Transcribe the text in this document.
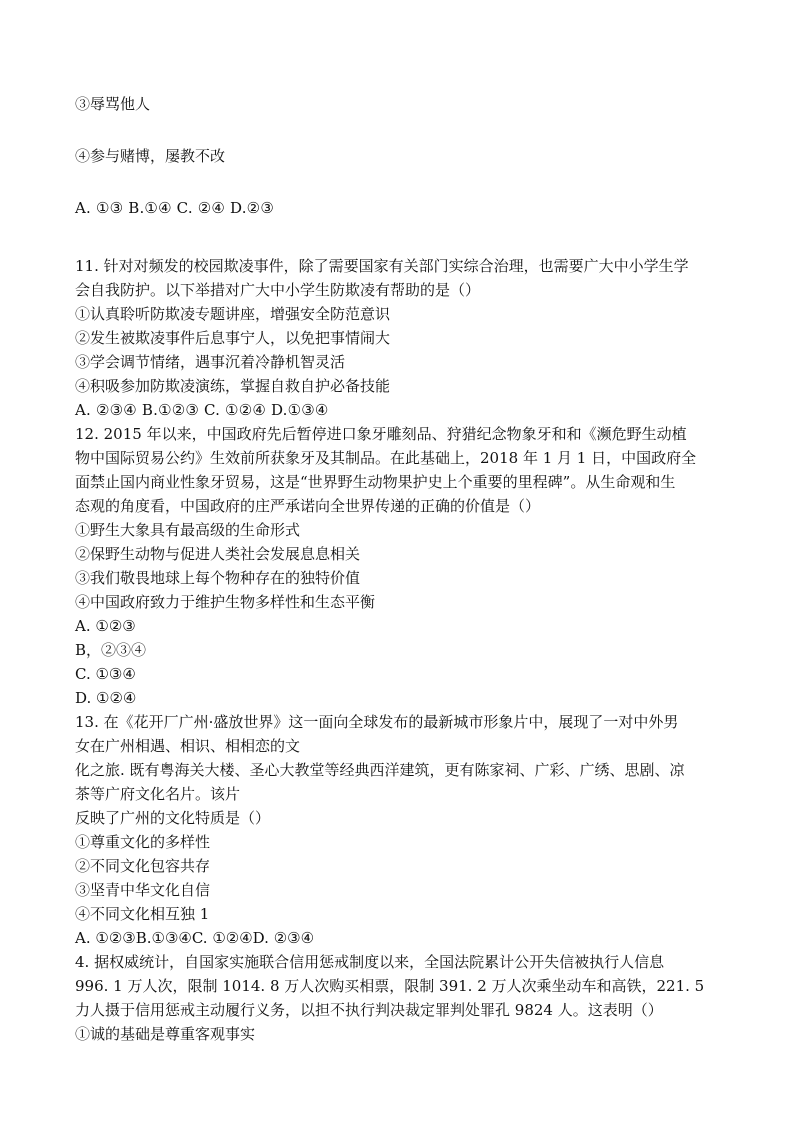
③辱骂他人
④参与赌博，屡教不改
A. ①③ B.①④ C. ②④ D.②③
11. 针对对频发的校园欺凌事件，除了需要国家有关部门实综合治理，也需要广大中小学生学
会自我防护。以下举措对广大中小学生防欺凌有帮助的是（）
①认真聆听防欺凌专题讲座，增强安全防范意识
②发生被欺凌事件后息事宁人，以免把事情闹大
③学会调节情绪，遇事沉着冷静机智灵活
④积吸参加防欺凌演练，掌握自救自护必备技能
A. ②③④ B.①②③ C. ①②④ D.①③④
12. 2015 年以来，中国政府先后暂停进口象牙雕刻品、狩猎纪念物象牙和和《濒危野生动植
物中国际贸易公约》生效前所获象牙及其制品。在此基础上，2018 年 1 月 1 日，中国政府全
面禁止国内商业性象牙贸易，这是“世界野生动物果护史上个重要的里程碑”。从生命观和生
态观的角度看，中国政府的庄严承诺向全世界传递的正确的价值是（）
①野生大象具有最高级的生命形式
②保野生动物与促进人类社会发展息息相关
③我们敬畏地球上每个物种存在的独特价值
④中国政府致力于维护生物多样性和生态平衡
A. ①②③
B，②③④
C. ①③④
D. ①②④
13. 在《花开厂广州·盛放世界》这一面向全球发布的最新城市形象片中，展现了一对中外男
女在广州相遇、相识、相相恋的文
化之旅. 既有粤海关大楼、圣心大教堂等经典西洋建筑，更有陈家祠、广彩、广绣、思剧、凉
茶等广府文化名片。该片
反映了广州的文化特质是（）
①尊重文化的多样性
②不同文化包容共存
③坚青中华文化自信
④不同文化相互独 1
A. ①②③B.①③④C. ①②④D. ②③④
4. 据权威统计，自国家实施联合信用惩戒制度以来，全国法院累计公开失信被执行人信息
996. 1 万人次，限制 1014. 8 万人次购买相票，限制 391. 2 万人次乘坐动车和高铁，221. 5
力人摄于信用惩戒主动履行义务，以担不执行判决裁定罪判处罪孔 9824 人。这表明（）
①诚的基础是尊重客观事实
